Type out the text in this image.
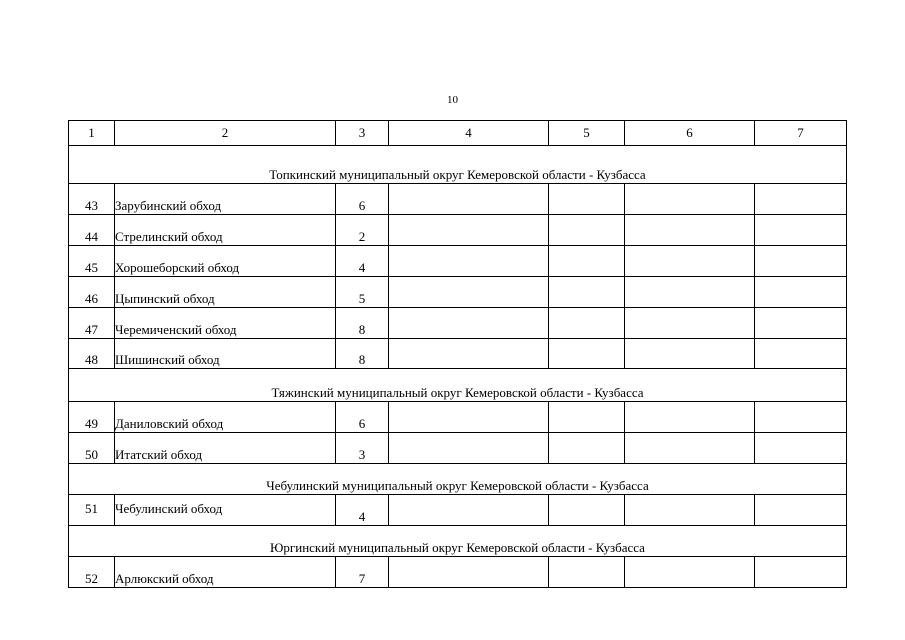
10
1	2	3	4	5	6	7
Топкинский муниципальный округ Кемеровской области - Кузбасса						
43	Зарубинский обход	6				
44	Стрелинский обход	2				
45	Хорошеборский обход	4				
46	Цыпинский обход	5				
47	Черемиченский обход	8				
48	Шишинский обход	8				
Тяжинский муниципальный округ Кемеровской области - Кузбасса						
49	Даниловский обход	6				
50	Итатский обход	3				
Чебулинский муниципальный округ Кемеровской области - Кузбасса						
51	Чебулинский обход	4				
Юргинский муниципальный округ Кемеровской области - Кузбасса						
52	Арлюкский обход	7				
